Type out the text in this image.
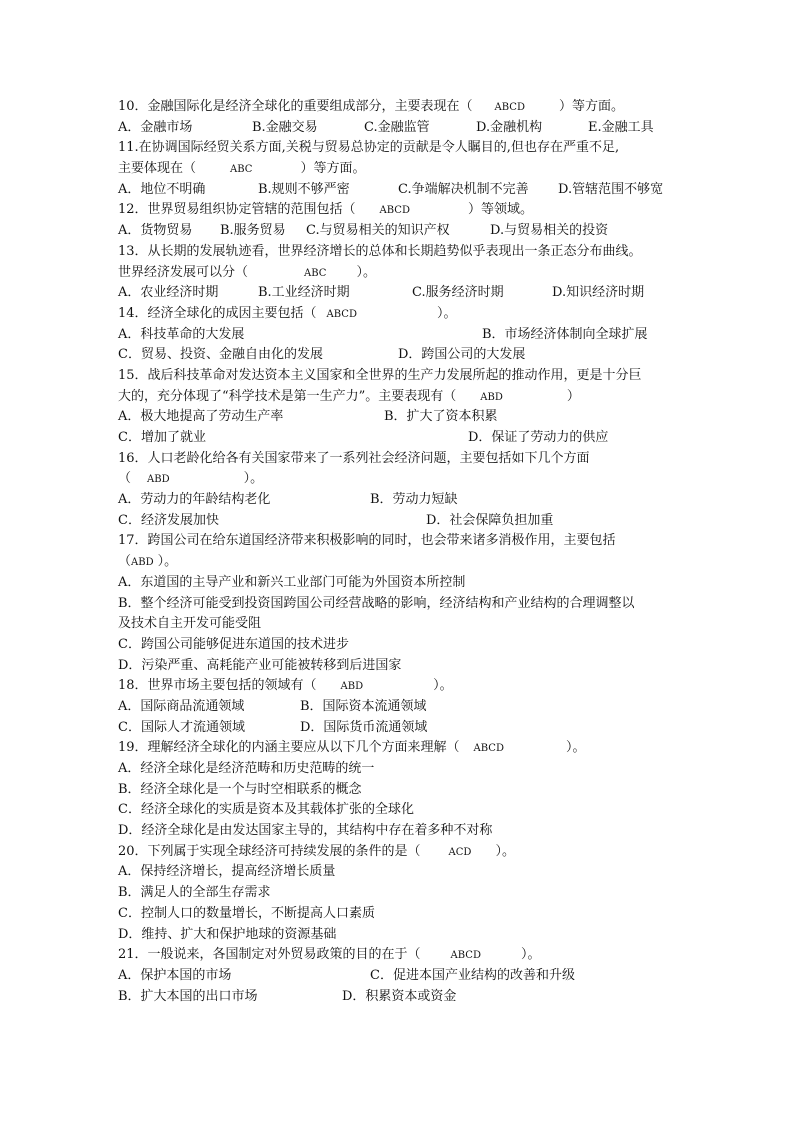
10．金融国际化是经济全球化的重要组成部分，主要表现在（ ABCD	）等方面。
A．金融市场	B.金融交易	C.金融监管	D.金融机构	E.金融工具
11.在协调国际经贸关系方面,关税与贸易总协定的贡献是令人瞩目的,但也存在严重不足,
主要体现在（	ABC	）等方面。
A．地位不明确	B.规则不够严密	C.争端解决机制不完善 D.管辖范围不够宽
12．世界贸易组织协定管辖的范围包括（ ABCD	）等领域。
A．货物贸易 B.服务贸易 C.与贸易相关的知识产权	D.与贸易相关的投资
13．从长期的发展轨迹看，世界经济增长的总体和长期趋势似乎表现出一条正态分布曲线。
世界经济发展可以分（	ABC ）。
A．农业经济时期	B.工业经济时期	C.服务经济时期	D.知识经济时期
14．经济全球化的成因主要包括（ ABCD	）。
A．科技革命的大发展	B．市场经济体制向全球扩展
C．贸易、投资、金融自由化的发展	D．跨国公司的大发展
15．战后科技革命对发达资本主义国家和全世界的生产力发展所起的推动作用，更是十分巨
大的，充分体现了“科学技术是第一生产力”。主要表现有（ ABD	）
A．极大地提高了劳动生产率	B．扩大了资本积累
C．增加了就业	D．保证了劳动力的供应
16．人口老龄化给各有关国家带来了一系列社会经济问题，主要包括如下几个方面
（ ABD	）。
A．劳动力的年龄结构老化	B．劳动力短缺
C．经济发展加快	D．社会保障负担加重
17．跨国公司在给东道国经济带来积极影响的同时，也会带来诸多消极作用，主要包括
（ABD ）。
A．东道国的主导产业和新兴工业部门可能为外国资本所控制
B．整个经济可能受到投资国跨国公司经营战略的影响，经济结构和产业结构的合理调整以
及技术自主开发可能受阻
C．跨国公司能够促进东道国的技术进步
D．污染严重、高耗能产业可能被转移到后进国家
18．世界市场主要包括的领域有（ ABD	）。
A．国际商品流通领域	B．国际资本流通领域
C．国际人才流通领域	D．国际货币流通领域
19．理解经济全球化的内涵主要应从以下几个方面来理解（ ABCD	）。
A．经济全球化是经济范畴和历史范畴的统一
B．经济全球化是一个与时空相联系的概念
C．经济全球化的实质是资本及其载体扩张的全球化
D．经济全球化是由发达国家主导的，其结构中存在着多种不对称
20．下列属于实现全球经济可持续发展的条件的是（	ACD ）。
A．保持经济增长，提高经济增长质量
B．满足人的全部生存需求
C．控制人口的数量增长，不断提高人口素质
D．维持、扩大和保护地球的资源基础
21．一般说来，各国制定对外贸易政策的目的在于（	ABCD	）。
A．保护本国的市场	C．促进本国产业结构的改善和升级
B．扩大本国的出口市场	D．积累资本或资金
